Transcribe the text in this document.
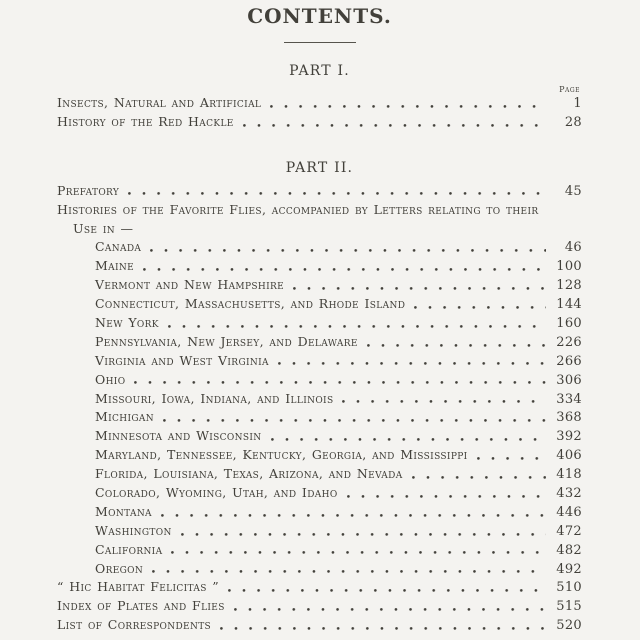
CONTENTS.
PART I.
Page
Insects, Natural and Artificial	1
History of the Red Hackle	28
PART II.
Prefatory	45
Histories of the Favorite Flies, accompanied by Letters relating to their
Use in —
Canada	46
Maine	100
Vermont and New Hampshire	128
Connecticut, Massachusetts, and Rhode Island	144
New York	160
Pennsylvania, New Jersey, and Delaware	226
Virginia and West Virginia	266
Ohio	306
Missouri, Iowa, Indiana, and Illinois	334
Michigan	368
Minnesota and Wisconsin	392
Maryland, Tennessee, Kentucky, Georgia, and Mississippi	406
Florida, Louisiana, Texas, Arizona, and Nevada	418
Colorado, Wyoming, Utah, and Idaho	432
Montana	446
Washington	472
California	482
Oregon	492
“ Hic Habitat Felicitas ”	510
Index of Plates and Flies	515
List of Correspondents	520
